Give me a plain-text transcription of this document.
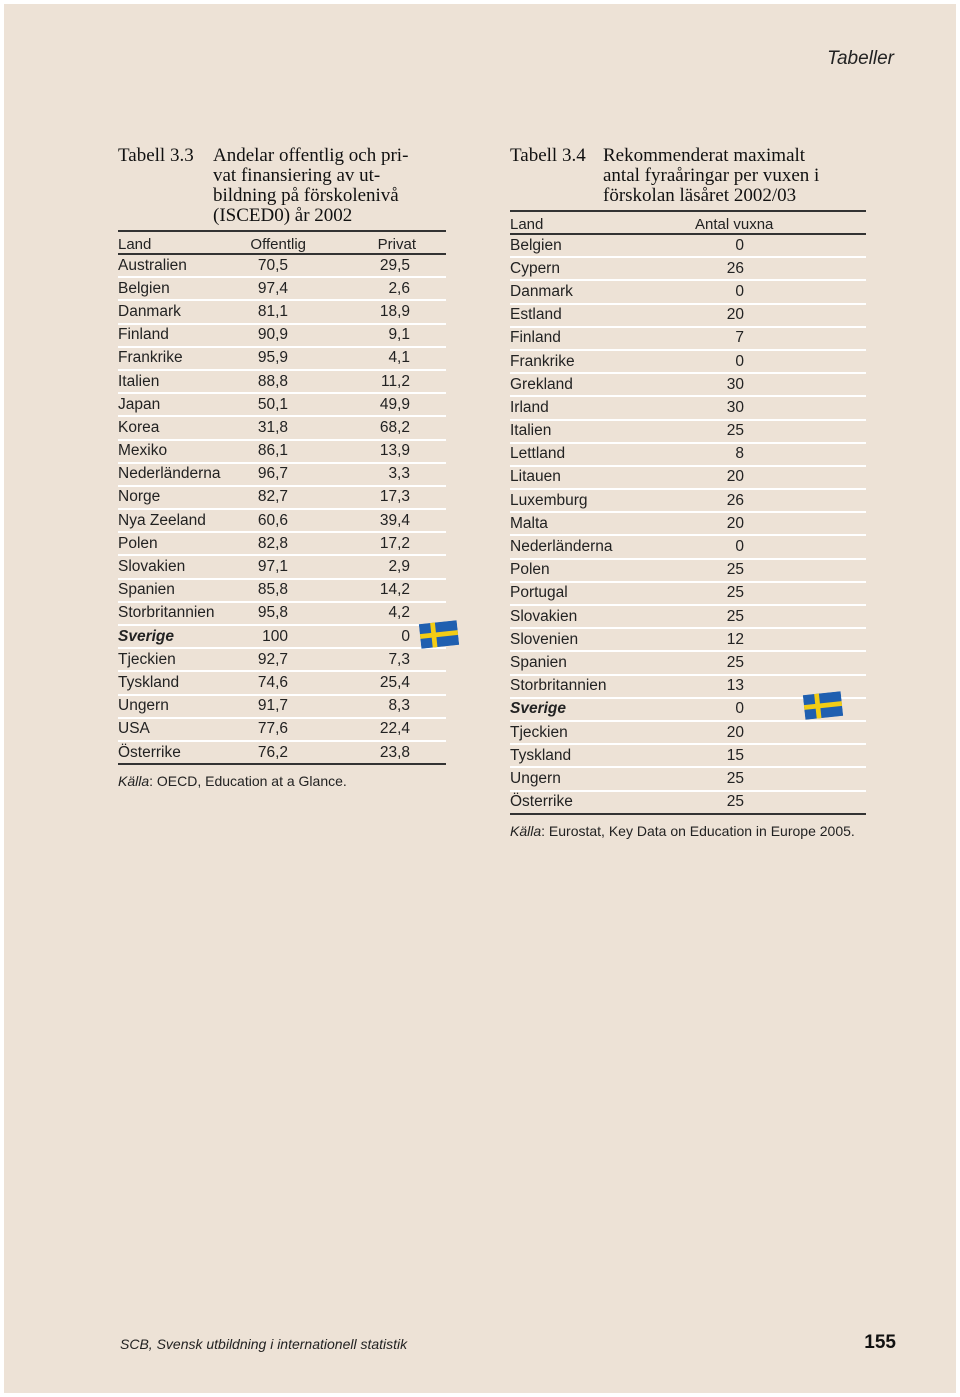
Tabeller
Tabell 3.3	Andelar offentlig och pri-
vat finansiering av ut-
bildning på förskolenivå
(ISCED0) år 2002
Land	Offentlig	Privat
Australien	70,5	29,5
Belgien	97,4	2,6
Danmark	81,1	18,9
Finland	90,9	9,1
Frankrike	95,9	4,1
Italien	88,8	11,2
Japan	50,1	49,9
Korea	31,8	68,2
Mexiko	86,1	13,9
Nederländerna	96,7	3,3
Norge	82,7	17,3
Nya Zeeland	60,6	39,4
Polen	82,8	17,2
Slovakien	97,1	2,9
Spanien	85,8	14,2
Storbritannien	95,8	4,2
Sverige	100	0
Tjeckien	92,7	7,3
Tyskland	74,6	25,4
Ungern	91,7	8,3
USA	77,6	22,4
Österrike	76,2	23,8
Källa: OECD, Education at a Glance.
Tabell 3.4 Rekommenderat maximalt
antal fyraåringar per vuxen i
förskolan läsåret 2002/03
Land	Antal vuxna
Belgien	0
Cypern	26
Danmark	0
Estland	20
Finland	7
Frankrike	0
Grekland	30
Irland	30
Italien	25
Lettland	8
Litauen	20
Luxemburg	26
Malta	20
Nederländerna	0
Polen	25
Portugal	25
Slovakien	25
Slovenien	12
Spanien	25
Storbritannien	13
Sverige	0
Tjeckien	20
Tyskland	15
Ungern	25
Österrike	25
Källa: Eurostat, Key Data on Education in Europe 2005.
SCB, Svensk utbildning i internationell statistik	155
